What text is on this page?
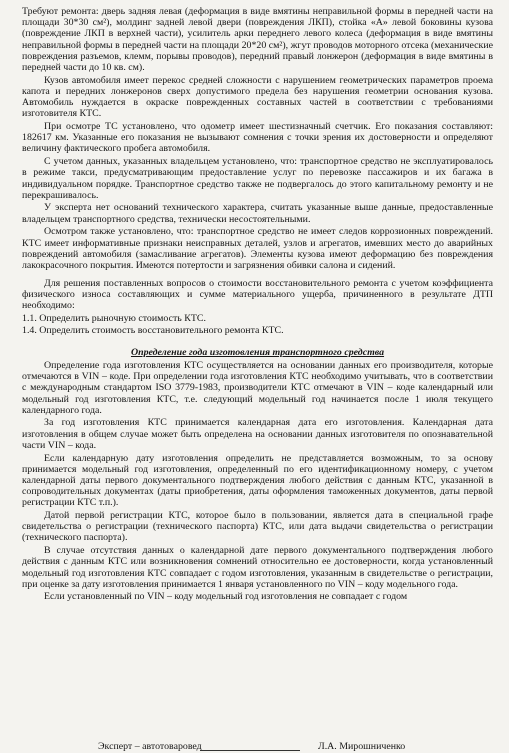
Требуют ремонта: дверь задняя левая (деформация в виде вмятины неправильной формы в передней части на площади 30*30 см²), молдинг задней левой двери (повреждения ЛКП), стойка «А» левой боковины кузова (повреждение ЛКП в верхней части), усилитель арки переднего левого колеса (деформация в виде вмятины неправильной формы в передней части на площади 20*20 см²), жгут проводов моторного отсека (механические повреждения разъемов, клемм, порывы проводов), передний правый лонжерон (деформация в виде вмятины в передней части до 10 кв. см).

Кузов автомобиля имеет перекос средней сложности с нарушением геометрических параметров проема капота и передних лонжеронов сверх допустимого предела без нарушения геометрии основания кузова. Автомобиль нуждается в окраске поврежденных составных частей в соответствии с требованиями изготовителя КТС.

При осмотре ТС установлено, что одометр имеет шестизначный счетчик. Его показания составляют: 182617 км. Указанные его показания не вызывают сомнения с точки зрения их достоверности и определяют величину фактического пробега автомобиля.

С учетом данных, указанных владельцем установлено, что: транспортное средство не эксплуатировалось в режиме такси, предусматривающим предоставление услуг по перевозке пассажиров и их багажа в индивидуальном порядке. Транспортное средство также не подвергалось до этого капитальному ремонту и не перекрашивалось.

У эксперта нет оснований технического характера, считать указанные выше данные, предоставленные владельцем транспортного средства, технически несостоятельными.

Осмотром также установлено, что: транспортное средство не имеет следов коррозионных повреждений. КТС имеет информативные признаки неисправных деталей, узлов и агрегатов, имевших место до аварийных повреждений автомобиля (замасливание агрегатов). Элементы кузова имеют деформацию без повреждения лакокрасочного покрытия. Имеются потертости и загрязнения обивки салона и сидений.

Для решения поставленных вопросов о стоимости восстановительного ремонта с учетом коэффициента физического износа составляющих и сумме материального ущерба, причиненного в результате ДТП необходимо:

1.1. Определить рыночную стоимость КТС.

1.4. Определить стоимость восстановительного ремонта КТС.

Определение года изготовления транспортного средства

Определение года изготовления КТС осуществляется на основании данных его производителя, которые отмечаются в VIN – коде. При определении года изготовления КТС необходимо учитывать, что в соответствии с международным стандартом ISO 3779-1983, производители КТС отмечают в VIN – коде календарный или модельный год изготовления КТС, т.е. следующий модельный год начинается после 1 июля текущего календарного года.

За год изготовления КТС принимается календарная дата его изготовления. Календарная дата изготовления в общем случае может быть определена на основании данных изготовителя по опознавательной части VIN – кода.

Если календарную дату изготовления определить не представляется возможным, то за основу принимается модельный год изготовления, определенный по его идентификационному номеру, с учетом календарной даты первого документального подтверждения любого действия с данным КТС, указанной в сопроводительных документах (даты приобретения, даты оформления таможенных документов, даты первой регистрации КТС т.п.).

Датой первой регистрации КТС, которое было в пользовании, является дата в специальной графе свидетельства о регистрации (технического паспорта) КТС, или дата выдачи свидетельства о регистрации (технического паспорта).

В случае отсутствия данных о календарной дате первого документального подтверждения любого действия с данным КТС или возникновения сомнений относительно ее достоверности, когда установленный модельный год изготовления КТС совпадает с годом изготовления, указанным в свидетельстве о регистрации, при оценке за дату изготовления принимается 1 января установленного по VIN – коду модельного года.

Если установленный по VIN – коду модельный год изготовления не совпадает с годом

Эксперт – автотоваровед	Л.А. Мирошниченко
